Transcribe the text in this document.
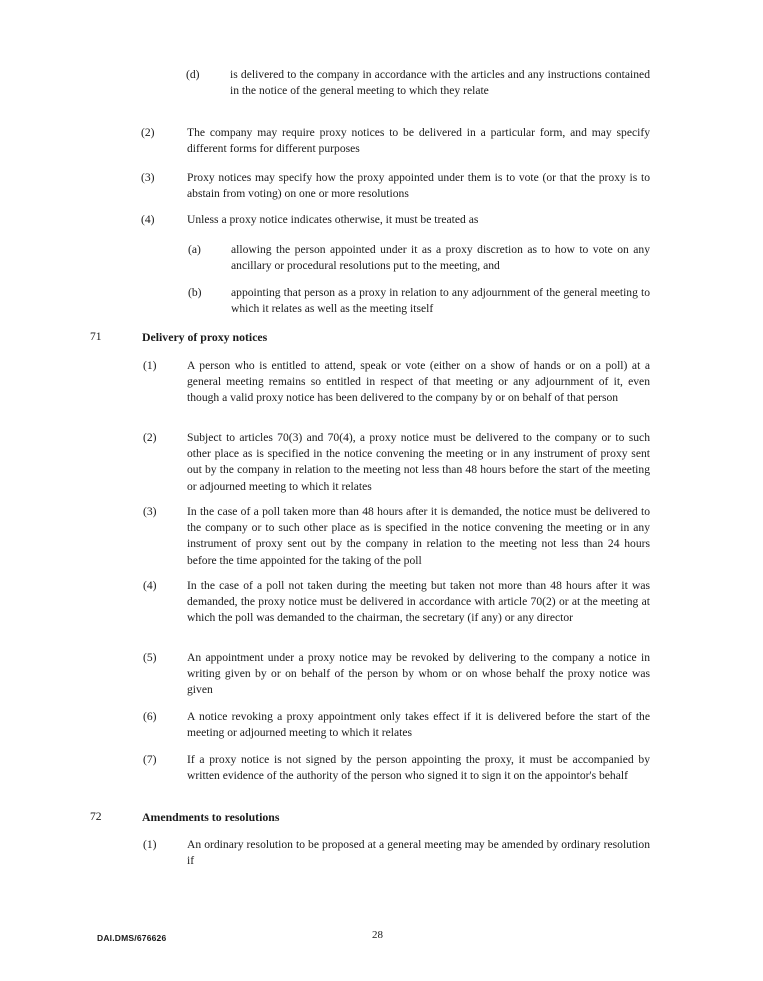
(d)	is delivered to the company in accordance with the articles and any instructions contained in the notice of the general meeting to which they relate
(2)	The company may require proxy notices to be delivered in a particular form, and may specify different forms for different purposes
(3)	Proxy notices may specify how the proxy appointed under them is to vote (or that the proxy is to abstain from voting) on one or more resolutions
(4)	Unless a proxy notice indicates otherwise, it must be treated as
(a)	allowing the person appointed under it as a proxy discretion as to how to vote on any ancillary or procedural resolutions put to the meeting, and
(b)	appointing that person as a proxy in relation to any adjournment of the general meeting to which it relates as well as the meeting itself
71	Delivery of proxy notices
(1)	A person who is entitled to attend, speak or vote (either on a show of hands or on a poll) at a general meeting remains so entitled in respect of that meeting or any adjournment of it, even though a valid proxy notice has been delivered to the company by or on behalf of that person
(2)	Subject to articles 70(3) and 70(4), a proxy notice must be delivered to the company or to such other place as is specified in the notice convening the meeting or in any instrument of proxy sent out by the company in relation to the meeting not less than 48 hours before the start of the meeting or adjourned meeting to which it relates
(3)	In the case of a poll taken more than 48 hours after it is demanded, the notice must be delivered to the company or to such other place as is specified in the notice convening the meeting or in any instrument of proxy sent out by the company in relation to the meeting not less than 24 hours before the time appointed for the taking of the poll
(4)	In the case of a poll not taken during the meeting but taken not more than 48 hours after it was demanded, the proxy notice must be delivered in accordance with article 70(2) or at the meeting at which the poll was demanded to the chairman, the secretary (if any) or any director
(5)	An appointment under a proxy notice may be revoked by delivering to the company a notice in writing given by or on behalf of the person by whom or on whose behalf the proxy notice was given
(6)	A notice revoking a proxy appointment only takes effect if it is delivered before the start of the meeting or adjourned meeting to which it relates
(7)	If a proxy notice is not signed by the person appointing the proxy, it must be accompanied by written evidence of the authority of the person who signed it to sign it on the appointor's behalf
72	Amendments to resolutions
(1)	An ordinary resolution to be proposed at a general meeting may be amended by ordinary resolution if
DAI.DMS/676626	28
